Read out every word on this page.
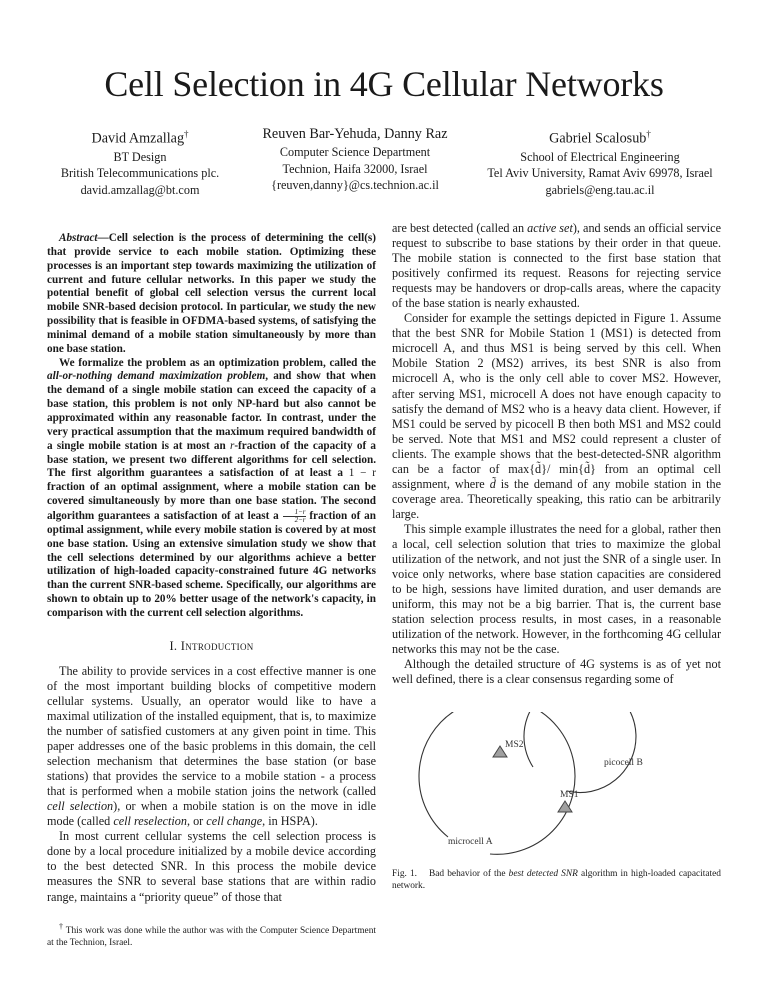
Cell Selection in 4G Cellular Networks
David Amzallag†
BT Design
British Telecommunications plc.
david.amzallag@bt.com
Reuven Bar-Yehuda, Danny Raz
Computer Science Department
Technion, Haifa 32000, Israel
{reuven,danny}@cs.technion.ac.il
Gabriel Scalosub†
School of Electrical Engineering
Tel Aviv University, Ramat Aviv 69978, Israel
gabriels@eng.tau.ac.il

Abstract—Cell selection is the process of determining the cell(s) that provide service to each mobile station. Optimizing these processes is an important step towards maximizing the utilization of current and future cellular networks. In this paper we study the potential benefit of global cell selection versus the current local mobile SNR-based decision protocol. In particular, we study the new possibility that is feasible in OFDMA-based systems, of satisfying the minimal demand of a mobile station simultaneously by more than one base station.

We formalize the problem as an optimization problem, called the all-or-nothing demand maximization problem, and show that when the demand of a single mobile station can exceed the capacity of a base station, this problem is not only NP-hard but also cannot be approximated within any reasonable factor. In contrast, under the very practical assumption that the maximum required bandwidth of a single mobile station is at most an r-fraction of the capacity of a base station, we present two different algorithms for cell selection. The first algorithm guarantees a satisfaction of at least a 1 − r fraction of an optimal assignment, where a mobile station can be covered simultaneously by more than one base station. The second algorithm guarantees a satisfaction of at least a $\frac{1-r}{2-r}$ fraction of an optimal assignment, while every mobile station is covered by at most one base station. Using an extensive simulation study we show that the cell selections determined by our algorithms achieve a better utilization of high-loaded capacity-constrained future 4G networks than the current SNR-based scheme. Specifically, our algorithms are shown to obtain up to 20% better usage of the network's capacity, in comparison with the current cell selection algorithms.

I. Introduction

The ability to provide services in a cost effective manner is one of the most important building blocks of competitive modern cellular systems. Usually, an operator would like to have a maximal utilization of the installed equipment, that is, to maximize the number of satisfied customers at any given point in time. This paper addresses one of the basic problems in this domain, the cell selection mechanism that determines the base station (or base stations) that provides the service to a mobile station - a process that is performed when a mobile station joins the network (called cell selection), or when a mobile station is on the move in idle mode (called cell reselection, or cell change, in HSPA).

In most current cellular systems the cell selection process is done by a local procedure initialized by a mobile device according to the best detected SNR. In this process the mobile device measures the SNR to several base stations that are within radio range, maintains a “priority queue” of those that

† This work was done while the author was with the Computer Science Department at the Technion, Israel.

are best detected (called an active set), and sends an official service request to subscribe to base stations by their order in that queue. The mobile station is connected to the first base station that positively confirmed its request. Reasons for rejecting service requests may be handovers or drop-calls areas, where the capacity of the base station is nearly exhausted.

Consider for example the settings depicted in Figure 1. Assume that the best SNR for Mobile Station 1 (MS1) is detected from microcell A, and thus MS1 is being served by this cell. When Mobile Station 2 (MS2) arrives, its best SNR is also from microcell A, who is the only cell able to cover MS2. However, after serving MS1, microcell A does not have enough capacity to satisfy the demand of MS2 who is a heavy data client. However, if MS1 could be served by picocell B then both MS1 and MS2 could be served. Note that MS1 and MS2 could represent a cluster of clients. The example shows that the best-detected-SNR algorithm can be a factor of max{d̃}/ min{d̃} from an optimal cell assignment, where d̃ is the demand of any mobile station in the coverage area. Theoretically speaking, this ratio can be arbitrarily large.

This simple example illustrates the need for a global, rather then a local, cell selection solution that tries to maximize the global utilization of the network, and not just the SNR of a single user. In voice only networks, where base station capacities are considered to be high, sessions have limited duration, and user demands are uniform, this may not be a big barrier. That is, the current base station selection process results, in most cases, in a reasonable utilization of the network. However, in the forthcoming 4G cellular networks this may not be the case.

Although the detailed structure of 4G systems is as of yet not well defined, there is a clear consensus regarding some of

MS2
MS1
picocell B
microcell A
Fig. 1. Bad behavior of the best detected SNR algorithm in high-loaded capacitated network.
